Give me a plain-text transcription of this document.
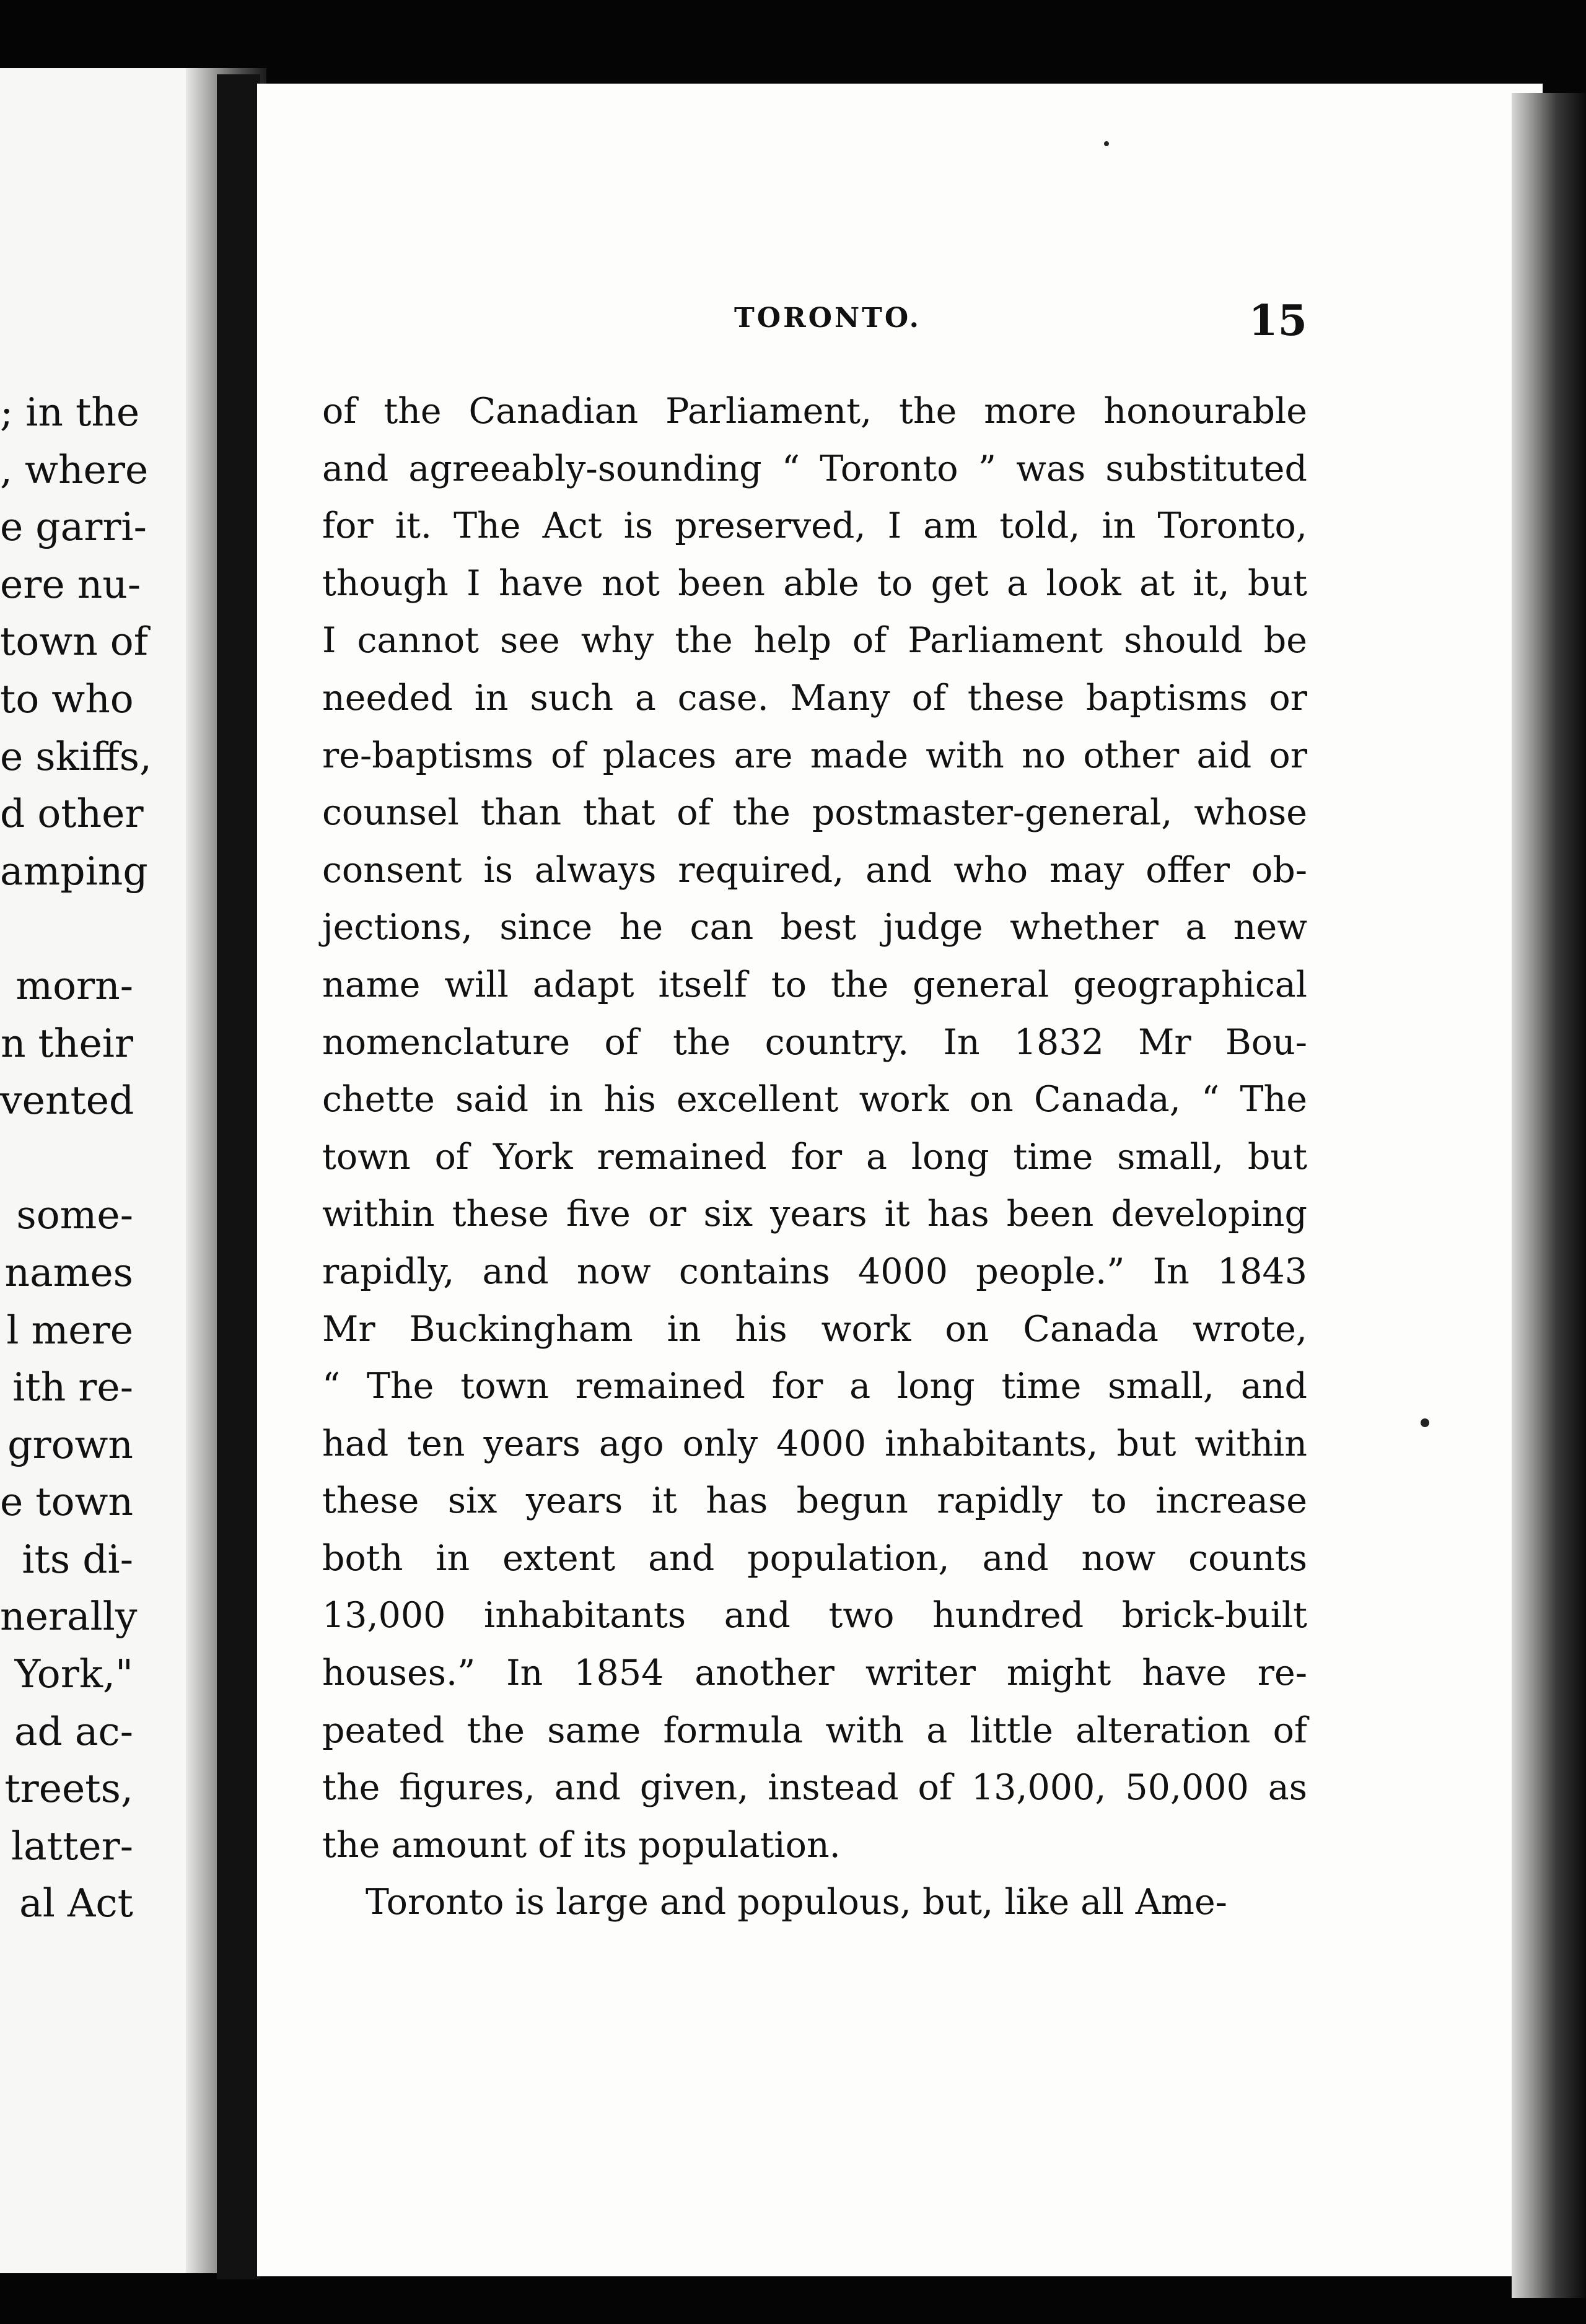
; in the
, where
e garri-
ere nu-
town of
to who
e skiffs,
d other
amping
morn-
n their
vented
some-
names
l mere
ith re-
grown
e town
its di-
nerally
York,"
ad ac-
treets,
latter-
al Act
TORONTO.	15
of the Canadian Parliament, the more honourable
and agreeably-sounding “ Toronto ” was substituted
for it. The Act is preserved, I am told, in Toronto,
though I have not been able to get a look at it, but
I cannot see why the help of Parliament should be
needed in such a case. Many of these baptisms or
re-baptisms of places are made with no other aid or
counsel than that of the postmaster-general, whose
consent is always required, and who may offer ob-
jections, since he can best judge whether a new
name will adapt itself to the general geographical
nomenclature of the country. In 1832 Mr Bou-
chette said in his excellent work on Canada, “ The
town of York remained for a long time small, but
within these five or six years it has been developing
rapidly, and now contains 4000 people.” In 1843
Mr Buckingham in his work on Canada wrote,
“ The town remained for a long time small, and
had ten years ago only 4000 inhabitants, but within
these six years it has begun rapidly to increase
both in extent and population, and now counts
13,000 inhabitants and two hundred brick-built
houses.” In 1854 another writer might have re-
peated the same formula with a little alteration of
the figures, and given, instead of 13,000, 50,000 as
the amount of its population.
Toronto is large and populous, but, like all Ame-
